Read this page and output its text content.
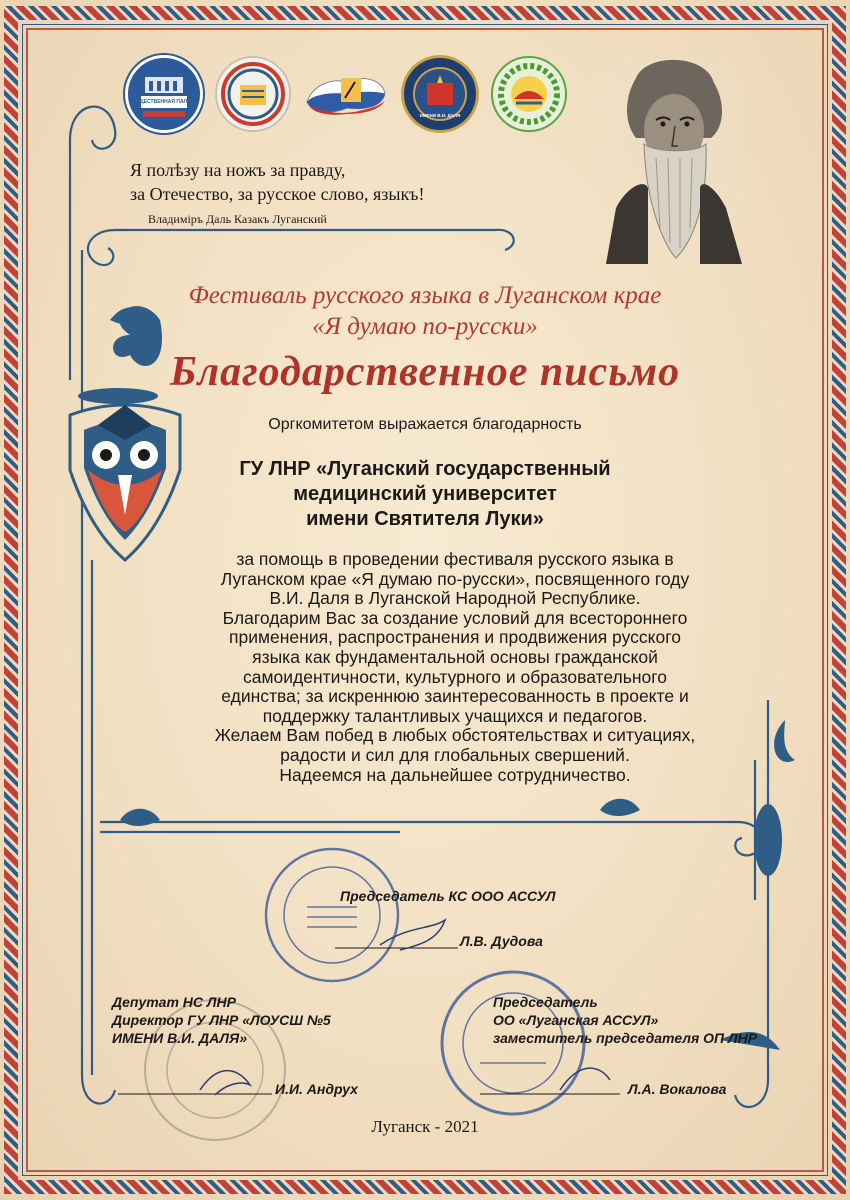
ОБЩЕСТВЕННАЯ ПАЛАТА
ИМЕНИ В.И. ДАЛЯ
Я полѣзу на ножъ за правду,
за Отечество, за русское слово, языкъ!
Владимiръ Даль Казакъ Луганский
Фестиваль русского языка в Луганском крае
«Я думаю по-русски»
Благодарственное письмо
Оргкомитетом выражается благодарность
ГУ ЛНР «Луганский государственный
медицинский университет
имени Святителя Луки»
за помощь в проведении фестиваля русского языка в
Луганском крае «Я думаю по-русски», посвященного году
В.И. Даля в Луганской Народной Республике.
Благодарим Вас за создание условий для всестороннего
применения, распространения и продвижения русского
языка как фундаментальной основы гражданской
самоидентичности, культурного и образовательного
единства; за искреннюю заинтересованность в проекте и
поддержку талантливых учащихся и педагогов.
Желаем Вам побед в любых обстоятельствах и ситуациях,
радости и сил для глобальных свершений.
Надеемся на дальнейшее сотрудничество.
Председатель КС ООО АССУЛ
Л.В. Дудова
Депутат НС ЛНР
Директор ГУ ЛНР «ЛОУСШ №5
ИМЕНИ В.И. ДАЛЯ»
И.И. Андрух
Председатель
ОО «Луганская АССУЛ»
заместитель председателя ОП ЛНР
Л.А. Вокалова
Луганск - 2021
